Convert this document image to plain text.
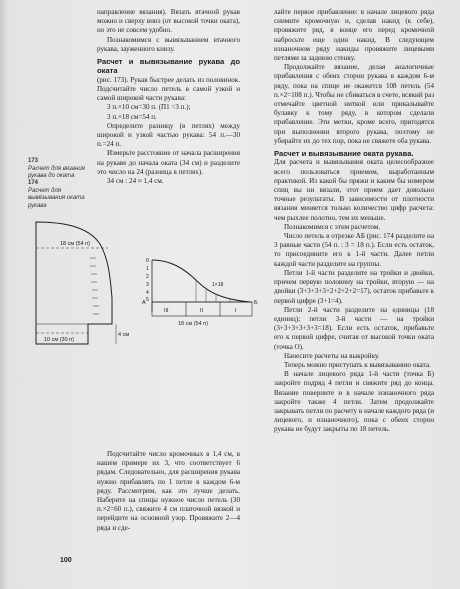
направление вязания). Вязать втачной рукав можно и сверху вниз (от высокой точки оката), но это не совсем удобно.

Познакомимся с вывязыванием втачного рукава, зауженного книзу.

Расчет и вывязывание рукава до оката

(рис. 173). Рукав быстрее делать из половинок. Подсчитайте число петель в самой узкой и самой широкой части рукава:

3 п.×10 см=30 п. (П1 =3 п.);

3 п.×18 см=54 п.

Определите разницу (в петлях) между широкой и узкой частью рукава: 54 п.—30 п.=24 п.

Измерьте расстояние от начала расширения на рукаве до начала оката (34 см) и разделите это число на 24 (разница в петлях).

34 см : 24 ≈ 1,4 см.

173
Расчет для вязания рукава до оката
174
Расчет для вывязывания оката рукава
18 см (54 п)
10 см (30 п)
4 см
0
1
2
3
4
5	Б
А
III	II	I
1×18
18 см (54 п)

Подсчитайте число кромочных в 1,4 см, в нашем примере их 3, что соответствует 6 рядам. Следовательно, для расширения рукава нужно прибавлять по 1 петле в каждом 6-м ряду. Рассмотрим, как это лучше делать. Наберите на спицы нужное число петель (30 п.×2=60 п.), свяжите 4 см платочной вязкой и перейдите на основной узор. Провяжите 2—4 ряда и сде-

лайте первое прибавление: в начале лицевого ряда снимите кромочную и, сделав накид (к себе), провяжите ряд, в конце его перед кромочной набросьте еще один накид. В следующем изнаночном ряду накиды провяжите лицевыми петлями за заднюю стенку.

Продолжайте вязание, делая аналогичные прибавления с обеих сторон рукава в каждом 6-м ряду, пока на спице не окажется 108 петель (54 п.×2=108 п.). Чтобы не сбиваться в счете, всякий раз отмечайте цветной ниткой или прикалывайте булавку к тому ряду, в котором сделали прибавление. Эти метки, кроме всего, пригодятся при выполнении второго рукава, поэтому не убирайте их до тех пор, пока не свяжете оба рукава.

Расчет и вывязывание оката рукава.

Для расчета и вывязывания оката целесообразнее всего пользоваться приемом, выработанным практикой. Из какой бы пряжи и каким бы номером спиц вы ни вязали, этот прием дает довольно точные результаты. В зависимости от плотности вязания меняется только количество цифр расчета: чем рыхлее полотно, тем их меньше.

Познакомимся с этим расчетом.

Число петель в отрезке АБ (рис. 174 разделите на 3 равные части (54 п. : 3 = 18 п.). Если есть остаток, то присоедините его к 1-й части. Далее петли каждой части разделите на группы.

Петли 1-й части разделите на тройки и двойки, причем первую половину на тройки, вторую — на двойки (3+3+3+3+2+2+2+2=17), остаток прибавьте к первой цифре (3+1=4).

Петли 2-й части разделите на единицы (18 единиц); петли 3-й части — на тройки (3+3+3+3+3+3=18). Если есть остаток, прибавьте его к первой цифре, считая от высокой точки оката (точка О).

Нанесите расчеты на выкройку.

Теперь можно приступать к вывязыванию оката.

В начале лицевого ряда 1-й части (точка Б) закройте подряд 4 петли и свяжите ряд до конца. Вязание поверните и в начале изнаночного ряда закройте также 4 петли. Затем продолжайте закрывать петли по расчету в начале каждого ряда (и лицевого, и изнаночного), пока с обеих сторон рукава не будут закрыты по 18 петель.

100
